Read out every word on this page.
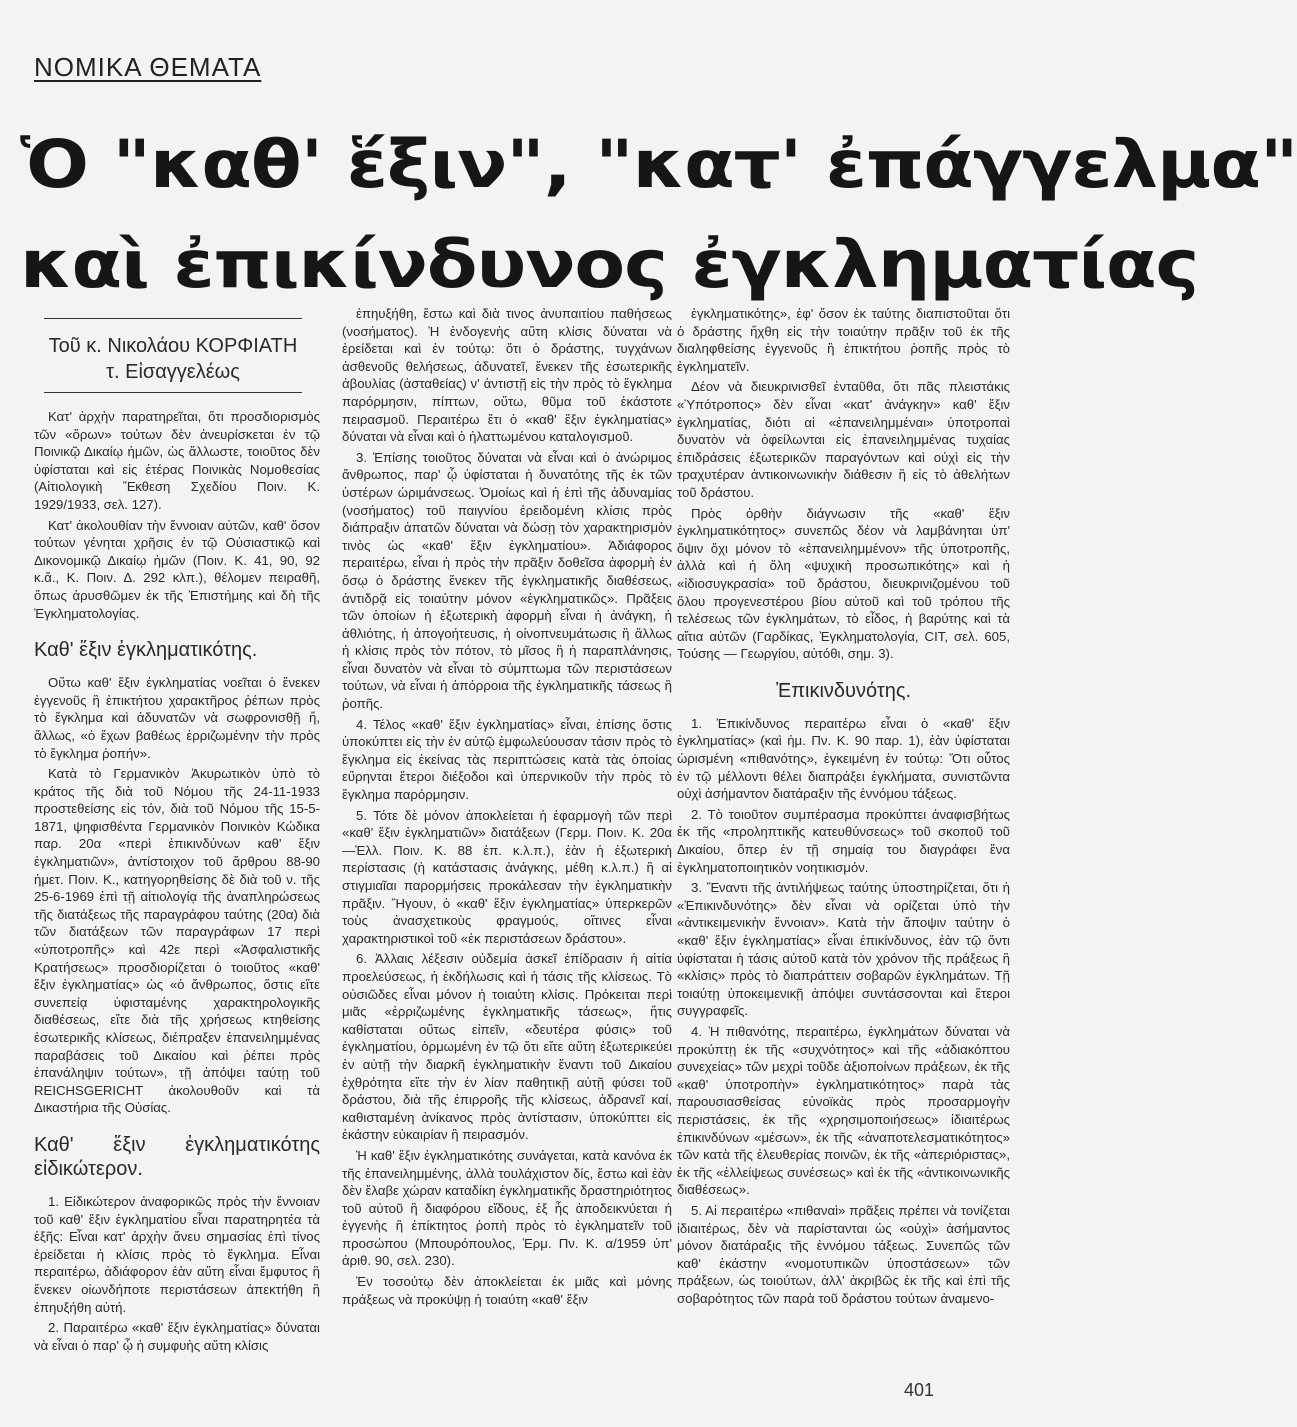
NOMIKA ΘΕΜΑΤΑ
Ὁ "καθ' ἕξιν", "κατ' ἐπάγγελμα"
καὶ ἐπικίνδυνος ἐγκληματίας
Τοῦ κ. Νικολάου ΚΟΡΦΙΑΤΗ
τ. Εἰσαγγελέως

Κατ' ἀρχὴν παρατηρεῖται, ὅτι προσδιορισμὸς τῶν «ὅρων» τούτων δὲν ἀνευρίσκεται ἐν τῷ Ποινικῷ Δικαίῳ ἡμῶν, ὡς ἄλλωστε, τοιοῦτος δὲν ὑφίσταται καὶ εἰς ἑτέρας Ποινικὰς Νομοθεσίας (Αἰτιολογικὴ Ἔκθεση Σχεδίου Ποιν. Κ. 1929/1933, σελ. 127).

Κατ' ἀκολουθίαν τὴν ἔννοιαν αὐτῶν, καθ' ὅσον τούτων γένηται χρῆσις ἐν τῷ Οὐσιαστικῷ καὶ Δικονομικῷ Δικαίῳ ἡμῶν (Ποιν. Κ. 41, 90, 92 κ.ἄ., Κ. Ποιν. Δ. 292 κλπ.), θέλομεν πειραθῆ, ὅπως ἀρυσθῶμεν ἐκ τῆς Ἐπιστήμης καὶ δὴ τῆς Ἐγκληματολογίας.

Καθ' ἕξιν ἐγκληματικότης.

Οὕτω καθ' ἕξιν ἐγκληματίας νοεῖται ὁ ἕνεκεν ἐγγενοῦς ἢ ἐπικτήτου χαρακτῆρος ῥέπων πρὸς τὸ ἔγκλημα καὶ ἀδυνατῶν νὰ σωφρονισθῇ ἤ, ἄλλως, «ὁ ἔχων βαθέως ἐρριζωμένην τὴν πρὸς τὸ ἔγκλημα ῥοπήν».

Κατὰ τὸ Γερμανικὸν Ἀκυρωτικὸν ὑπὸ τὸ κράτος τῆς διὰ τοῦ Νόμου τῆς 24-11-1933 προστεθείσης εἰς τόν, διὰ τοῦ Νόμου τῆς 15-5-1871, ψηφισθέντα Γερμανικὸν Ποινικὸν Κώδικα παρ. 20α «περὶ ἐπικινδύνων καθ' ἕξιν ἐγκληματιῶν», ἀντίστοιχον τοῦ ἄρθρου 88-90 ἡμετ. Ποιν. Κ., κατηγορηθείσης δὲ διὰ τοῦ ν. τῆς 25-6-1969 ἐπὶ τῇ αἰτιολογίᾳ τῆς ἀναπληρώσεως τῆς διατάξεως τῆς παραγράφου ταύτης (20α) διὰ τῶν διατάξεων τῶν παραγράφων 17 περὶ «ὑποτροπῆς» καὶ 42ε περὶ «Ἀσφαλιστικῆς Κρατήσεως» προσδιορίζεται ὁ τοιοῦτος «καθ' ἕξιν ἐγκληματίας» ὡς «ὁ ἄνθρωπος, ὅστις εἴτε συνεπείᾳ ὑφισταμένης χαρακτηρολογικῆς διαθέσεως, εἴτε διὰ τῆς χρήσεως κτηθείσης ἐσωτερικῆς κλίσεως, διέπραξεν ἐπανειλημμένας παραβάσεις τοῦ Δικαίου καὶ ῥέπει πρὸς ἐπανάληψιν τούτων», τῇ ἀπόψει ταύτῃ τοῦ REICHSGERICHT ἀκολουθοῦν καὶ τὰ Δικαστήρια τῆς Οὐσίας.

Καθ' ἕξιν ἐγκληματικότης εἰδικώτερον.

1. Εἰδικώτερον ἀναφορικῶς πρὸς τὴν ἔννοιαν τοῦ καθ' ἕξιν ἐγκληματίου εἶναι παρατηρητέα τὰ ἑξῆς: Εἶναι κατ' ἀρχὴν ἄνευ σημασίας ἐπὶ τίνος ἐρείδεται ἡ κλίσις πρὸς τὸ ἔγκλημα. Εἶναι περαιτέρω, ἀδιάφορον ἐὰν αὕτη εἶναι ἔμφυτος ἢ ἕνεκεν οἰωνδήποτε περιστάσεων ἀπεκτήθη ἢ ἐπηυξήθη αὐτή.

2. Παραιτέρω «καθ' ἕξιν ἐγκληματίας» δύναται νὰ εἶναι ὁ παρ' ᾧ ἡ συμφυὴς αὕτη κλίσις

ἐπηυξήθη, ἔστω καὶ διὰ τινος ἀνυπαιτίου παθήσεως (νοσήματος). Ἡ ἐνδογενὴς αὕτη κλίσις δύναται νὰ ἐρείδεται καὶ ἐν τούτῳ: ὅτι ὁ δράστης, τυγχάνων ἀσθενοῦς θελήσεως, ἀδυνατεῖ, ἕνεκεν τῆς ἐσωτερικῆς ἀβουλίας (ἀσταθείας) ν' ἀντιστῇ εἰς τὴν πρὸς τὸ ἔγκλημα παρόρμησιν, πίπτων, οὕτω, θῦμα τοῦ ἑκάστοτε πειρασμοῦ. Περαιτέρω ἔτι ὁ «καθ' ἕξιν ἐγκληματίας» δύναται νὰ εἶναι καὶ ὁ ἠλαττωμένου καταλογισμοῦ.

3. Ἐπίσης τοιοῦτος δύναται νὰ εἶναι καὶ ὁ ἀνώριμος ἄνθρωπος, παρ' ᾧ ὑφίσταται ἡ δυνατότης τῆς ἐκ τῶν ὑστέρων ὡριμάνσεως. Ὁμοίως καὶ ἡ ἐπὶ τῆς ἀδυναμίας (νοσήματος) τοῦ παιγνίου ἐρειδομένη κλίσις πρὸς διάπραξιν ἀπατῶν δύναται νὰ δώσῃ τὸν χαρακτηρισμὸν τινὸς ὡς «καθ' ἕξιν ἐγκληματίου». Ἀδιάφορος περαιτέρω, εἶναι ἡ πρὸς τὴν πρᾶξιν δοθεῖσα ἀφορμὴ ἐν ὅσῳ ὁ δράστης ἕνεκεν τῆς ἐγκληματικῆς διαθέσεως, ἀντιδρᾷ εἰς τοιαύτην μόνον «ἐγκληματικῶς». Πρᾶξεις τῶν ὁποίων ἡ ἐξωτερικὴ ἀφορμὴ εἶναι ἡ ἀνάγκη, ἡ ἀθλιότης, ἡ ἀπογοήτευσις, ἡ οἰνοπνευμάτωσις ἢ ἄλλως ἡ κλίσις πρὸς τὸν πότον, τὸ μῖσος ἢ ἡ παραπλάνησις, εἶναι δυνατὸν νὰ εἶναι τὸ σύμπτωμα τῶν περιστάσεων τούτων, νὰ εἶναι ἡ ἀπόρροια τῆς ἐγκληματικῆς τάσεως ἢ ῥοπῆς.

4. Τέλος «καθ' ἕξιν ἐγκληματίας» εἶναι, ἐπίσης ὅστις ὑποκύπτει εἰς τὴν ἐν αὐτῷ ἐμφωλεύουσαν τάσιν πρὸς τὸ ἔγκλημα εἰς ἐκείνας τὰς περιπτώσεις κατὰ τὰς ὁποίας εὕρηνται ἕτεροι διέξοδοι καὶ ὑπερνικοῦν τὴν πρὸς τὸ ἔγκλημα παρόρμησιν.

5. Τότε δὲ μόνον ἀποκλείεται ἡ ἐφαρμογὴ τῶν περὶ «καθ' ἕξιν ἐγκληματιῶν» διατάξεων (Γερμ. Ποιν. Κ. 20α—Ἑλλ. Ποιν. Κ. 88 ἐπ. κ.λ.π.), ἐὰν ἡ ἐξωτερικὴ περίστασις (ἡ κατάστασις ἀνάγκης, μέθη κ.λ.π.) ἢ αἱ στιγμιαῖαι παρορμήσεις προκάλεσαν τὴν ἐγκληματικὴν πρᾶξιν. Ἤγουν, ὁ «καθ' ἕξιν ἐγκληματίας» ὑπερκερῶν τοὺς ἀνασχετικοὺς φραγμούς, οἵτινες εἶναι χαρακτηριστικοὶ τοῦ «ἐκ περιστάσεων δράστου».

6. Ἀλλαις λέξεσιν οὐδεμία ἀσκεῖ ἐπίδρασιν ἡ αἰτία προελεύσεως, ἡ ἐκδήλωσις καὶ ἡ τάσις τῆς κλίσεως. Τὸ οὐσιῶδες εἶναι μόνον ἡ τοιαύτη κλίσις. Πρόκειται περὶ μιᾶς «ἐρριζωμένης ἐγκληματικῆς τάσεως», ἥτις καθίσταται οὕτως εἰπεῖν, «δευτέρα φύσις» τοῦ ἐγκληματίου, ὁρμωμένη ἐν τῷ ὅτι εἴτε αὕτη ἐξωτερικεύει ἐν αὐτῇ τὴν διαρκῆ ἐγκληματικὴν ἔναντι τοῦ Δικαίου ἐχθρότητα εἴτε τὴν ἐν λίαν παθητικῇ αὐτῇ φύσει τοῦ δράστου, διὰ τῆς ἐπιρροῆς τῆς κλίσεως, ἀδρανεῖ καί, καθισταμένη ἀνίκανος πρὸς ἀντίστασιν, ὑποκύπτει εἰς ἑκάστην εὐκαιρίαν ἢ πειρασμόν.

Ἡ καθ' ἕξιν ἐγκληματικότης συνάγεται, κατὰ κανόνα ἐκ τῆς ἐπανειλημμένης, ἀλλὰ τουλάχιστον δίς, ἔστω καὶ ἐὰν δὲν ἔλαβε χώραν καταδίκη ἐγκληματικῆς δραστηριότητος τοῦ αὐτοῦ ἢ διαφόρου εἴδους, ἐξ ἧς ἀποδεικνύεται ἡ ἐγγενὴς ἢ ἐπίκτητος ῥοπὴ πρὸς τὸ ἐγκληματεῖν τοῦ προσώπου (Μπουρόπουλος, Ἑρμ. Πν. Κ. α/1959 ὑπ' ἀριθ. 90, σελ. 230).

Ἐν τοσούτῳ δὲν ἀποκλείεται ἐκ μιᾶς καὶ μόνης πράξεως νὰ προκύψῃ ἡ τοιαύτη «καθ' ἕξιν

ἐγκληματικότης», ἐφ' ὅσον ἐκ ταύτης διαπιστοῦται ὅτι ὁ δράστης ἤχθη εἰς τὴν τοιαύτην πρᾶξιν τοῦ ἐκ τῆς διαληφθείσης ἐγγενοῦς ἢ ἐπικτήτου ῥοπῆς πρὸς τὸ ἐγκληματεῖν.

Δέον νὰ διευκρινισθεῖ ἐνταῦθα, ὅτι πᾶς πλειστάκις «Ὑπότροπος» δὲν εἶναι «κατ' ἀνάγκην» καθ' ἕξιν ἐγκληματίας, διότι αἱ «ἐπανειλημμέναι» ὑποτροπαὶ δυνατὸν νὰ ὀφείλωνται εἰς ἐπανειλημμένας τυχαίας ἐπιδράσεις ἐξωτερικῶν παραγόντων καὶ οὐχὶ εἰς τὴν τραχυτέραν ἀντικοινωνικὴν διάθεσιν ἢ εἰς τὸ ἀθελήτων τοῦ δράστου.

Πρὸς ὀρθὴν διάγνωσιν τῆς «καθ' ἕξιν ἐγκληματικότητος» συνεπῶς δέον νὰ λαμβάνηται ὑπ' ὄψιν ὄχι μόνον τὸ «ἐπανειλημμένον» τῆς ὑποτροπῆς, ἀλλὰ καὶ ἡ ὅλη «ψυχικὴ προσωπικότης» καὶ ἡ «ἰδιοσυγκρασία» τοῦ δράστου, διευκρινιζομένου τοῦ ὅλου προγενεστέρου βίου αὐτοῦ καὶ τοῦ τρόπου τῆς τελέσεως τῶν ἐγκλημάτων, τὸ εἶδος, ἡ βαρύτης καὶ τὰ αἴτια αὐτῶν (Γαρδίκας, Ἐγκληματολογία, CIT, σελ. 605, Τούσης — Γεωργίου, αὐτόθι, σημ. 3).

Ἐπικινδυνότης.

1. Ἐπικίνδυνος περαιτέρω εἶναι ὁ «καθ' ἕξιν ἐγκληματίας» (καὶ ἡμ. Πν. Κ. 90 παρ. 1), ἐὰν ὑφίσταται ὡρισμένη «πιθανότης», ἐγκειμένη ἐν τούτῳ: Ὅτι οὗτος ἐν τῷ μέλλοντι θέλει διαπράξει ἐγκλήματα, συνιστῶντα οὐχὶ ἀσήμαντον διατάραξιν τῆς ἐννόμου τάξεως.

2. Τὸ τοιοῦτον συμπέρασμα προκύπτει ἀναφισβήτως ἐκ τῆς «προληπτικῆς κατευθύνσεως» τοῦ σκοποῦ τοῦ Δικαίου, ὅπερ ἐν τῇ σημαίᾳ του διαγράφει ἕνα ἐγκληματοποιητικὸν νοητικισμόν.

3. Ἔναντι τῆς ἀντιλήψεως ταύτης ὑποστηρίζεται, ὅτι ἡ «Ἐπικινδυνότης» δὲν εἶναι νὰ ορίζεται ὑπὸ τὴν «ἀντικειμενικὴν ἔννοιαν». Κατὰ τὴν ἄποψιν ταύτην ὁ «καθ' ἕξιν ἐγκληματίας» εἶναι ἐπικίνδυνος, ἐὰν τῷ ὄντι ὑφίσταται ἡ τάσις αὐτοῦ κατὰ τὸν χρόνον τῆς πράξεως ἢ «κλίσις» πρὸς τὸ διαπράττειν σοβαρῶν ἐγκλημάτων. Τῇ τοιαύτῃ ὑποκειμενικῇ ἀπόψει συντάσσονται καὶ ἕτεροι συγγραφεῖς.

4. Ἡ πιθανότης, περαιτέρω, ἐγκλημάτων δύναται νὰ προκύπτῃ ἐκ τῆς «συχνότητος» καὶ τῆς «ἀδιακόπτου συνεχείας» τῶν μεχρὶ τοῦδε ἀξιοποίνων πράξεων, ἐκ τῆς «καθ' ὑποτροπὴν» ἐγκληματικότητος» παρὰ τὰς παρουσιασθείσας εὐνοϊκὰς πρὸς προσαρμογὴν περιστάσεις, ἐκ τῆς «χρησιμοποιήσεως» ἰδιαιτέρως ἐπικινδύνων «μέσων», ἐκ τῆς «ἀναποτελεσματικότητος» τῶν κατὰ τῆς ἐλευθερίας ποινῶν, ἐκ τῆς «ἀπεριόριστας», ἐκ τῆς «ἐλλείψεως συνέσεως» καὶ ἐκ τῆς «ἀντικοινωνικῆς διαθέσεως».

5. Αἱ περαιτέρω «πιθαναὶ» πρᾶξεις πρέπει νὰ τονίζεται ἰδιαιτέρως, δὲν νὰ παρίστανται ὡς «οὐχὶ» ἀσήμαντος μόνον διατάραξις τῆς ἐννόμου τάξεως. Συνεπῶς τῶν καθ' ἑκάστην «νομοτυπικῶν ὑποστάσεων» τῶν πράξεων, ὡς τοιούτων, ἀλλ' ἀκριβῶς ἐκ τῆς καὶ ἐπὶ τῆς σοβαρότητος τῶν παρὰ τοῦ δράστου τούτων ἀναμενο-

401
